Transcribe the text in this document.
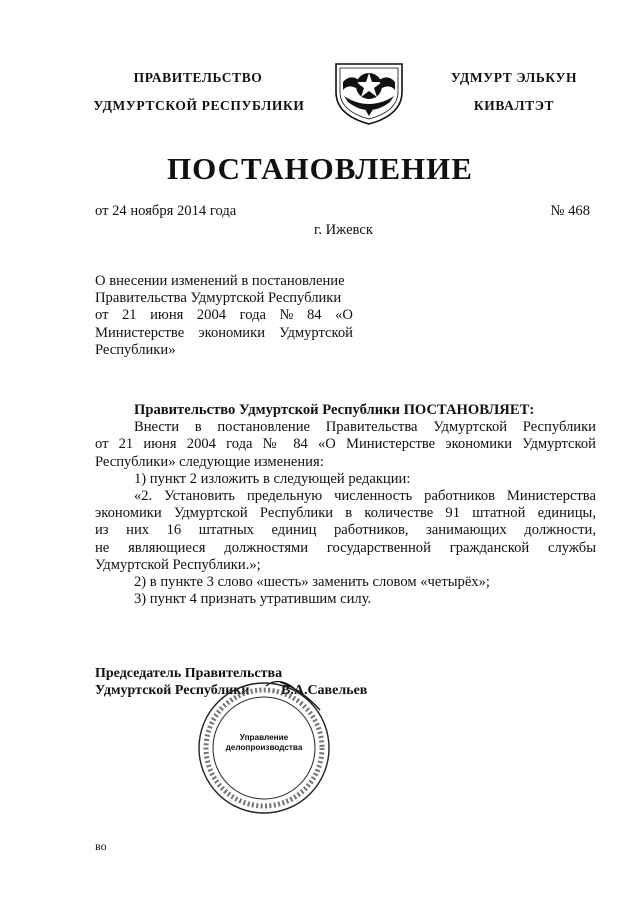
ПРАВИТЕЛЬСТВО
УДМУРТСКОЙ РЕСПУБЛИКИ
УДМУРТ ЭЛЬКУН
КИВАЛТЭТ
ПОСТАНОВЛЕНИЕ
от 24 ноября 2014 года	№ 468
г. Ижевск
О внесении изменений в постановление
Правительства Удмуртской Республики
от 21 июня 2004 года № 84 «О
Министерстве экономики Удмуртской
Республики»
Правительство Удмуртской Республики ПОСТАНОВЛЯЕТ:
Внести в постановление Правительства Удмуртской Республики
от 21 июня 2004 года № 84 «О Министерстве экономики Удмуртской
Республики» следующие изменения:
1) пункт 2 изложить в следующей редакции:
«2. Установить предельную численность работников Министерства
экономики Удмуртской Республики в количестве 91 штатной единицы,
из них 16 штатных единиц работников, занимающих должности,
не являющиеся должностями государственной гражданской службы
Удмуртской Республики.»;
2) в пункте 3 слово «шесть» заменить словом «четырёх»;
3) пункт 4 признать утратившим силу.
Председатель Правительства
Удмуртской Республики В.А.Савельев
Управление
делопроизводства
во
